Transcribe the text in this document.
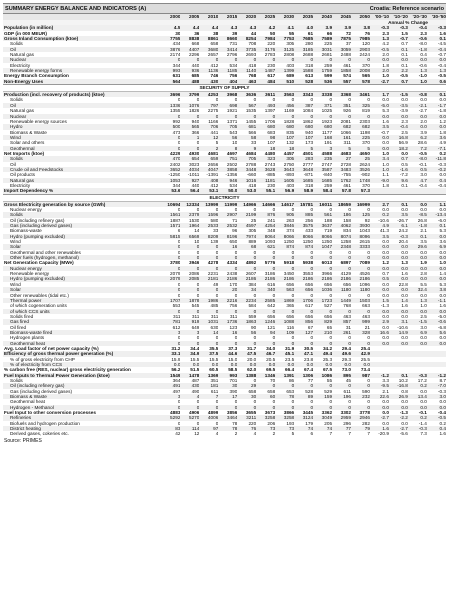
SUMMARY ENERGY BALANCE AND INDICATORS (A)	Croatia: Reference scenario
	2000	2005	2010	2015	2020	2025	2030	2035	2040	2045	2050	'00-'10	'10-'20	'20-'30	'30-'50
												Annual % Change			
Population (in million)	4.5	4.4	4.4	4.3	4.3	4.2	4.1	4.0	3.9	3.9	3.8	-0.3	-0.3	-0.4	-0.3
GDP (in 000 MEUR)	30	36	38	39	44	50	55	61	66	72	76	2.3	1.5	2.3	1.6
Gross Inland Consumption (ktoe)	7755	8838	8861	8660	8254	7984	7753	7685	7589	7875	7985	1.3	-0.7	-0.6	0.1
Solids	434	668	658	731	708	220	305	280	225	37	120	4.2	0.7	-8.0	-4.5
Oil	3876	4407	3680	3414	3735	3176	3125	3185	3031	3059	2903	-0.5	0.1	-1.8	-0.4
Natural gas	2174	2296	2657	2796	2693	2783	2808	2688	2681	2488	2424	2.0	0.1	0.4	-0.7
Nuclear	0	0	0	0	0	0	0	0	0	0	0	0.0	0.0	0.0	0.0
Electricity	344	440	412	534	418	230	403	318	259	461	370	1.8	0.1	-0.6	-0.4
Renewable energy forms	993	936	1136	1185	1140	1487	1399	1588	1759	1858	2008	2.0	2.2	1.3	1.3
Energy Branch Consumption	631	685	746	756	768	617	689	613	599	574	565	1.0	-0.5	-1.0	-0.5
Non-Energy Uses	564	488	430	404	463	484	510	528	536	557	578	-2.7	0.7	1.0	0.6
SECURITY OF SUPPLY															
Production (incl. recovery of products) (ktoe)	3696	3799	4253	3968	3636	3611	3563	3343	3338	3368	3461	1.7	-1.5	-0.8	0.1
Solids	0	0	0	0	0	0	0	0	0	0	0	0.0	0.0	0.0	0.0
Oil	1336	1076	797	698	567	493	456	387	371	351	325	-5.0	-3.5	-2.1	-1.7
Natural gas	1355	1826	2275	1921	1535	1397	1169	1084	1025	926	819	5.3	-3.9	-2.7	-1.8
Nuclear	0	0	0	0	0	0	0	0	0	0	0	0.0	0.0	0.0	0.0
Renewable energy sources	992	940	1166	1371	1455	1706	1828	1862	1923	2081	2303	1.6	2.3	2.0	1.2
Hydro	500	565	706	705	681	680	680	680	680	682	682	3.5	-0.4	0.0	0.0
Biomass & Waste	473	366	441	543	566	683	835	940	1177	1066	1198	-0.7	2.5	3.9	1.8
Wind	0	1	12	56	58	98	107	107	168	161	225	0.0	16.8	6.2	3.6
Solar and others	0	0	5	10	33	107	132	173	191	311	370	0.0	56.9	28.6	4.9
Geothermal	0	0	2	8	9	18	18	5	3	5	5	0.0	18.2	7.2	-7.1
Net Imports (ktoe)	4229	4930	4681	4697	4684	4480	4457	4501	4588	4683	4650	1.0	0.0	-0.5	0.2
Solids	470	654	659	751	705	323	305	283	235	27	25	3.4	0.7	-8.0	-11.8
Oil	2402	3023	2656	2502	2788	2743	2750	2777	2747	2728	2624	1.0	0.5	-0.1	-0.3
Crude oil and Feedstocks	3652	4034	4047	3858	3448	3628	3643	3648	3587	3483	3526	1.0	-1.6	0.5	-0.2
Oil products	-1250	-1011	-1391	-1356	-660	-885	-893	-871	-840	-755	-902	1.1	-7.2	3.0	0.0
Natural gas	1053	927	408	946	1016	1181	1605	1685	1685	1762	1748	-9.0	9.6	4.7	0.4
Electricity	344	440	412	534	418	230	403	318	259	461	370	1.8	0.1	-0.4	-0.4
Import Dependency %	53.6	56.4	53.1	50.0	53.0	55.1	56.9	58.9	58.4	57.8	57.3				
ELECTRICITY															
Gross Electricity generation by source (GWh)	10694	12334	13999	11999	14966	14666	14617	15781	16011	18659	16999	2.7	0.1	0.0	1.1
Nuclear energy	0	0	0	0	0	0	0	0	0	0	0	0.0	0.0	0.0	0.0
Solids	1561	2379	1596	2907	2199	876	905	885	561	186	125	0.2	3.5	-8.5	-13.4
Oil (including refinery gas)	1887	1530	580	71	25	241	263	256	188	158	92	-10.6	-26.7	26.8	-6.0
Gas (including derived gases)	1571	1964	2533	2532	4597	4254	3846	3575	3637	4062	3930	4.9	6.1	-1.8	0.1
Biomass-waste	6	14	33	96	305	348	374	433	719	834	1043	41.3	24.2	2.1	5.3
Hydro (pumping excluded)	5815	6569	8209	8196	7974	8064	8066	8066	8066	8074	8096	3.5	-0.3	0.1	0.0
Wind	0	10	139	650	889	1093	1250	1250	1250	1258	2615	0.0	20.4	3.5	3.6
Solar	0	0	0	16	68	621	874	874	1047	2348	3333	0.0	0.0	29.6	6.9
Geothermal and other renewables	0	0	0	0	0	0	0	0	0	0	0	0.0	0.0	0.0	0.0
Other fuels (hydrogen, methanol)	0	0	0	0	0	0	0	0	0	0	0	0.0	0.0	0.0	0.0
Net Generation Capacity (MWe)	3780	3946	4278	4334	4892	5776	5918	5938	6013	6897	7089	1.2	1.3	1.9	1.0
Nuclear energy	0	0	0	0	0	0	0	0	0	0	0	0.0	0.0	0.0	0.0
Renewable energy	2079	2086	2231	2438	2607	3186	3450	3553	3966	4129	4526	0.7	1.6	2.8	1.4
Hydro (pumping excluded)	2079	2085	2181	2186	2186	2186	2186	2186	2186	2186	2186	0.5	0.0	0.0	0.0
Wind	0	0	49	170	384	616	656	656	656	656	1096	0.0	22.8	5.5	5.3
Solar	0	0	0	20	34	340	563	656	1036	1180	1180	0.0	0.0	32.4	3.8
Other renewables (tidal etc.)	0	0	0	0	0	0	0	0	0	0	0	0.0	0.0	0.0	0.0
Thermal power	1707	1878	1986	2216	2234	2585	1869	1706	1723	1449	1503	1.5	1.4	1.3	-1.1
of which cogeneration units	553	545	485	756	584	642	365	617	527	768	663	-1.3	1.6	1.0	1.6
of which CCS units	0	0	0	0	0	0	0	0	0	0	0	0.0	0.0	0.0	0.0
Solids fired	311	311	311	311	559	656	656	656	656	463	463	0.0	0.0	2.5	-5.0
Gas fired	781	919	1031	1736	1863	1246	1088	856	829	857	999	2.9	3.1	-1.5	-0.6
Oil fired	612	649	630	123	90	121	116	67	65	31	21	0.0	-10.6	3.0	-6.8
Biomass-waste fired	3	3	14	16	56	94	109	127	210	261	328	16.6	14.9	6.9	5.6
Hydrogen plants	0	0	0	0	0	0	0	0	0	0	0	0.0	0.0	0.0	0.0
Geothermal heat	0	0	0	0	0	0	0	0	0	0	0	0.0	0.0	0.0	0.0
Avg. Load factor of net power capacity (%)	31.2	34.4	35.5	37.3	31.7	34.0	31.9	30.5	34.2	29.4	25.4				
Efficiency of gross thermal power generation (%)	33.1	34.9	37.5	44.6	47.5	46.7	45.1	47.1	49.4	49.6	42.9				
% of gross electricity from CHP	15.9	15.5	15.5	15.0	20.0	20.5	23.5	23.8	25.3	29.3	25.5				
% of electricity from CCS	0.0	0.0	0.0	0.0	0.0	0.0	0.0	0.0	0.0	0.0	0.0				
% carbon free (RES, nuclear) gross electricity generation	56.2	51.5	60.5	58.5	62.0	69.5	66.4	67.4	67.5	73.0	73.4				
Fuel Inputs to Thermal Power Generation (ktoe)	1549	1478	1369	993	1388	1346	1391	1306	1086	895	987	-1.2	0.1	-0.3	-1.2
Solids	364	487	351	701	0	70	86	77	55	45	0	3.3	10.2	17.2	8.7
Oil (including refinery gas)	491	430	181	30	29	0	0	0	0	0	0	-9.5	-16.8	0.2	-7.0
Gas (including derived gases)	497	490	611	390	658	658	653	528	529	611	590	2.1	0.8	0.0	-0.3
Biomass & Waste	3	4	7	17	30	60	78	89	159	196	232	22.6	26.9	13.4	3.0
Geothermal heat	0	0	0	0	0	0	0	0	0	0	0	0.0	0.0	0.0	0.0
Hydrogen - Methanol	0	0	0	0	0	0	0	0	0	0	0	0.0	0.0	0.0	0.0
Fuel Input to other conversion processes	4883	4906	4899	3856	3655	3673	3866	3445	3362	3302	3778	0.0	-1.3	-0.1	-0.4
Refineries	5292	5270	4006	3464	3211	3258	3258	3124	3049	2959	2946	-2.7	-2.2	0.2	-0.5
Biofuels and hydrogen production	0	0	0	78	220	206	193	179	205	296	282	0.0	0.0	-1.4	0.2
District heating	83	114	97	78	76	73	73	74	74	77	79	1.6	-2.7	-0.3	0.4
Derived gases, cokeries etc.	42	12	4	2	4	2	5	6	7	7	7	-20.9	-5.6	7.3	1.6
Source: PRIMES
